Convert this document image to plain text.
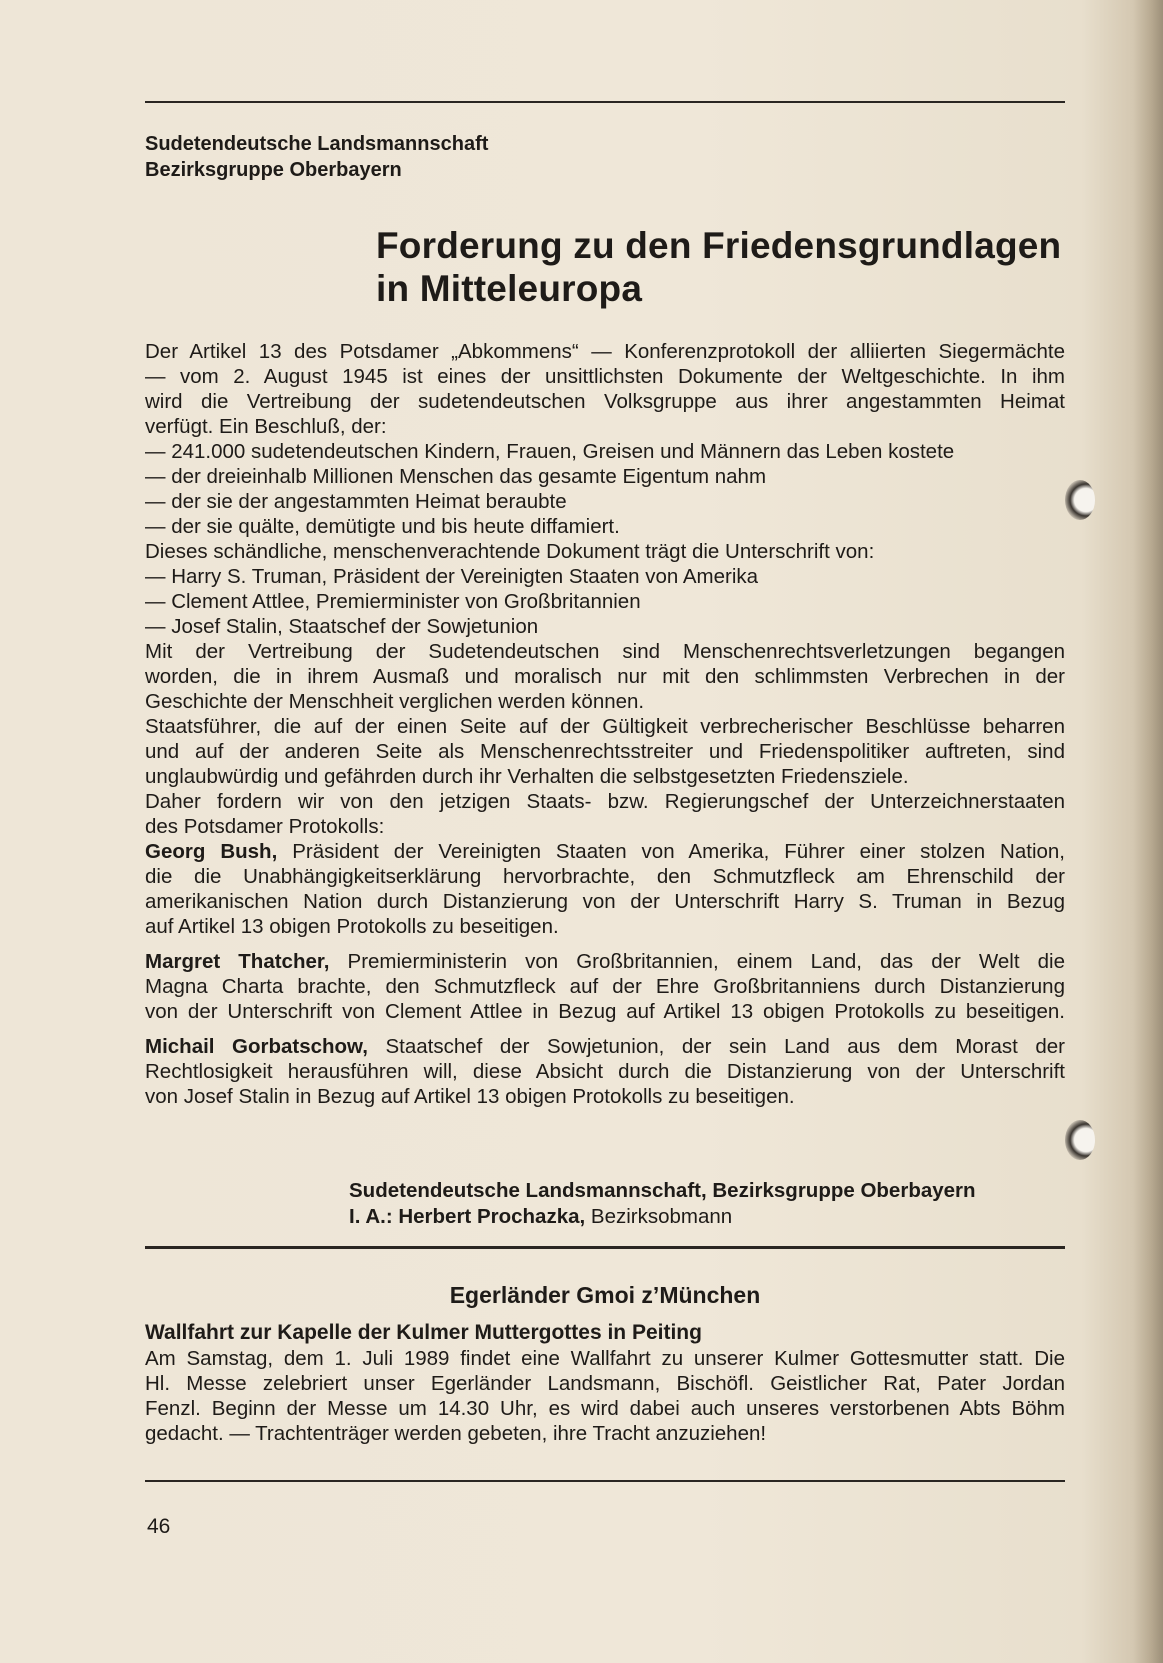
Sudetendeutsche Landsmannschaft
Bezirksgruppe Oberbayern
Forderung zu den Friedensgrundlagen
in Mitteleuropa
Der Artikel 13 des Potsdamer „Abkommens“ — Konferenzprotokoll der alliierten Siegermächte
— vom 2. August 1945 ist eines der unsittlichsten Dokumente der Weltgeschichte. In ihm
wird die Vertreibung der sudetendeutschen Volksgruppe aus ihrer angestammten Heimat
verfügt. Ein Beschluß, der:
— 241.000 sudetendeutschen Kindern, Frauen, Greisen und Männern das Leben kostete
— der dreieinhalb Millionen Menschen das gesamte Eigentum nahm
— der sie der angestammten Heimat beraubte
— der sie quälte, demütigte und bis heute diffamiert.
Dieses schändliche, menschenverachtende Dokument trägt die Unterschrift von:
— Harry S. Truman, Präsident der Vereinigten Staaten von Amerika
— Clement Attlee, Premierminister von Großbritannien
— Josef Stalin, Staatschef der Sowjetunion
Mit der Vertreibung der Sudetendeutschen sind Menschenrechtsverletzungen begangen
worden, die in ihrem Ausmaß und moralisch nur mit den schlimmsten Verbrechen in der
Geschichte der Menschheit verglichen werden können.
Staatsführer, die auf der einen Seite auf der Gültigkeit verbrecherischer Beschlüsse beharren
und auf der anderen Seite als Menschenrechtsstreiter und Friedenspolitiker auftreten, sind
unglaubwürdig und gefährden durch ihr Verhalten die selbstgesetzten Friedensziele.
Daher fordern wir von den jetzigen Staats- bzw. Regierungschef der Unterzeichnerstaaten
des Potsdamer Protokolls:
Georg Bush, Präsident der Vereinigten Staaten von Amerika, Führer einer stolzen Nation,
die die Unabhängigkeitserklärung hervorbrachte, den Schmutzfleck am Ehrenschild der
amerikanischen Nation durch Distanzierung von der Unterschrift Harry S. Truman in Bezug
auf Artikel 13 obigen Protokolls zu beseitigen.
Margret Thatcher, Premierministerin von Großbritannien, einem Land, das der Welt die
Magna Charta brachte, den Schmutzfleck auf der Ehre Großbritanniens durch Distanzierung
von der Unterschrift von Clement Attlee in Bezug auf Artikel 13 obigen Protokolls zu beseitigen.
Michail Gorbatschow, Staatschef der Sowjetunion, der sein Land aus dem Morast der
Rechtlosigkeit herausführen will, diese Absicht durch die Distanzierung von der Unterschrift
von Josef Stalin in Bezug auf Artikel 13 obigen Protokolls zu beseitigen.
Sudetendeutsche Landsmannschaft, Bezirksgruppe Oberbayern
I. A.: Herbert Prochazka, Bezirksobmann
Egerländer Gmoi z’München
Wallfahrt zur Kapelle der Kulmer Muttergottes in Peiting
Am Samstag, dem 1. Juli 1989 findet eine Wallfahrt zu unserer Kulmer Gottesmutter statt. Die
Hl. Messe zelebriert unser Egerländer Landsmann, Bischöfl. Geistlicher Rat, Pater Jordan
Fenzl. Beginn der Messe um 14.30 Uhr, es wird dabei auch unseres verstorbenen Abts Böhm
gedacht. — Trachtenträger werden gebeten, ihre Tracht anzuziehen!
46
